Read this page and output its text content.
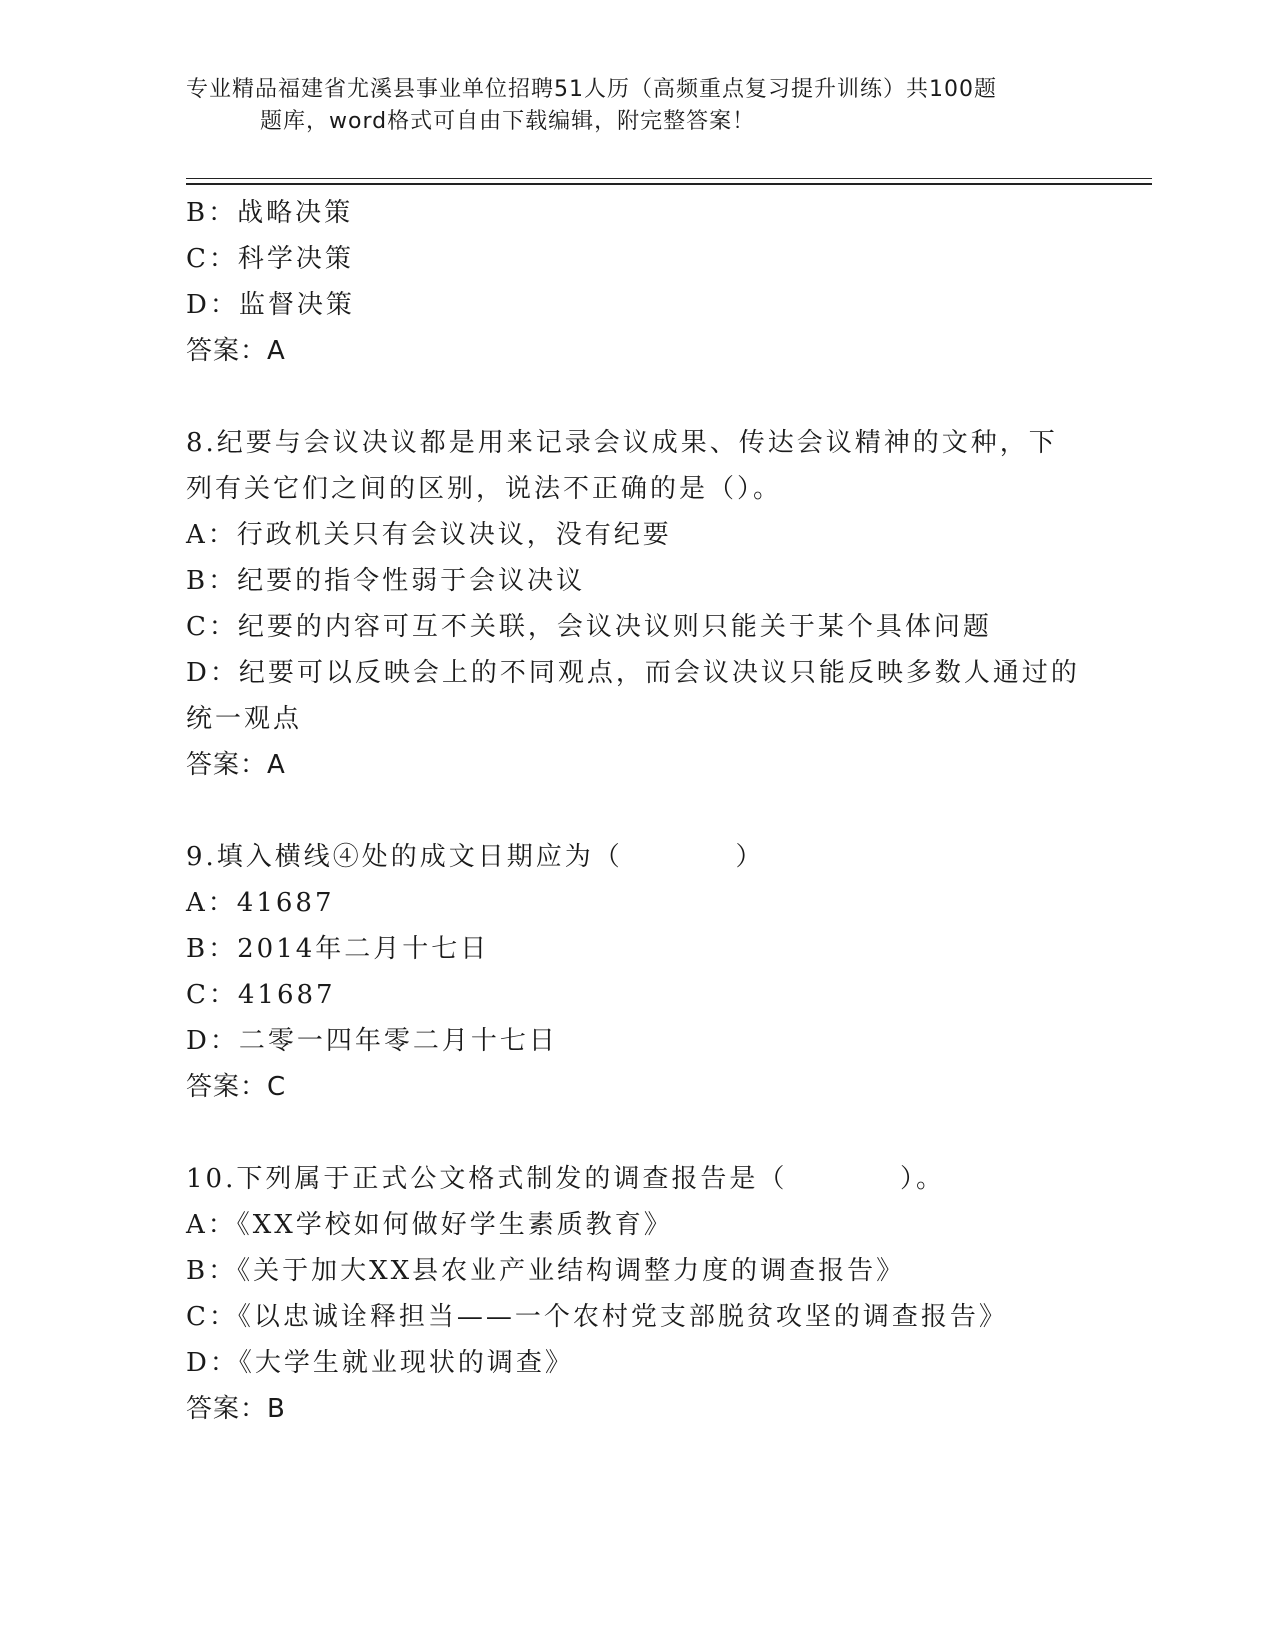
专业精品福建省尤溪县事业单位招聘51人历（高频重点复习提升训练）共100题
题库，word格式可自由下载编辑，附完整答案！
B：战略决策
C：科学决策
D：监督决策
答案：A
8.纪要与会议决议都是用来记录会议成果、传达会议精神的文种，下
列有关它们之间的区别，说法不正确的是（）。
A：行政机关只有会议决议，没有纪要
B：纪要的指令性弱于会议决议
C：纪要的内容可互不关联，会议决议则只能关于某个具体问题
D：纪要可以反映会上的不同观点，而会议决议只能反映多数人通过的
统一观点
答案：A
9.填入横线④处的成文日期应为（          ）
A：41687
B：2014年二月十七日
C：41687
D：二零一四年零二月十七日
答案：C
10.下列属于正式公文格式制发的调查报告是（          ）。
A：《XX学校如何做好学生素质教育》
B：《关于加大XX县农业产业结构调整力度的调查报告》
C：《以忠诚诠释担当——一个农村党支部脱贫攻坚的调查报告》
D：《大学生就业现状的调查》
答案：B
